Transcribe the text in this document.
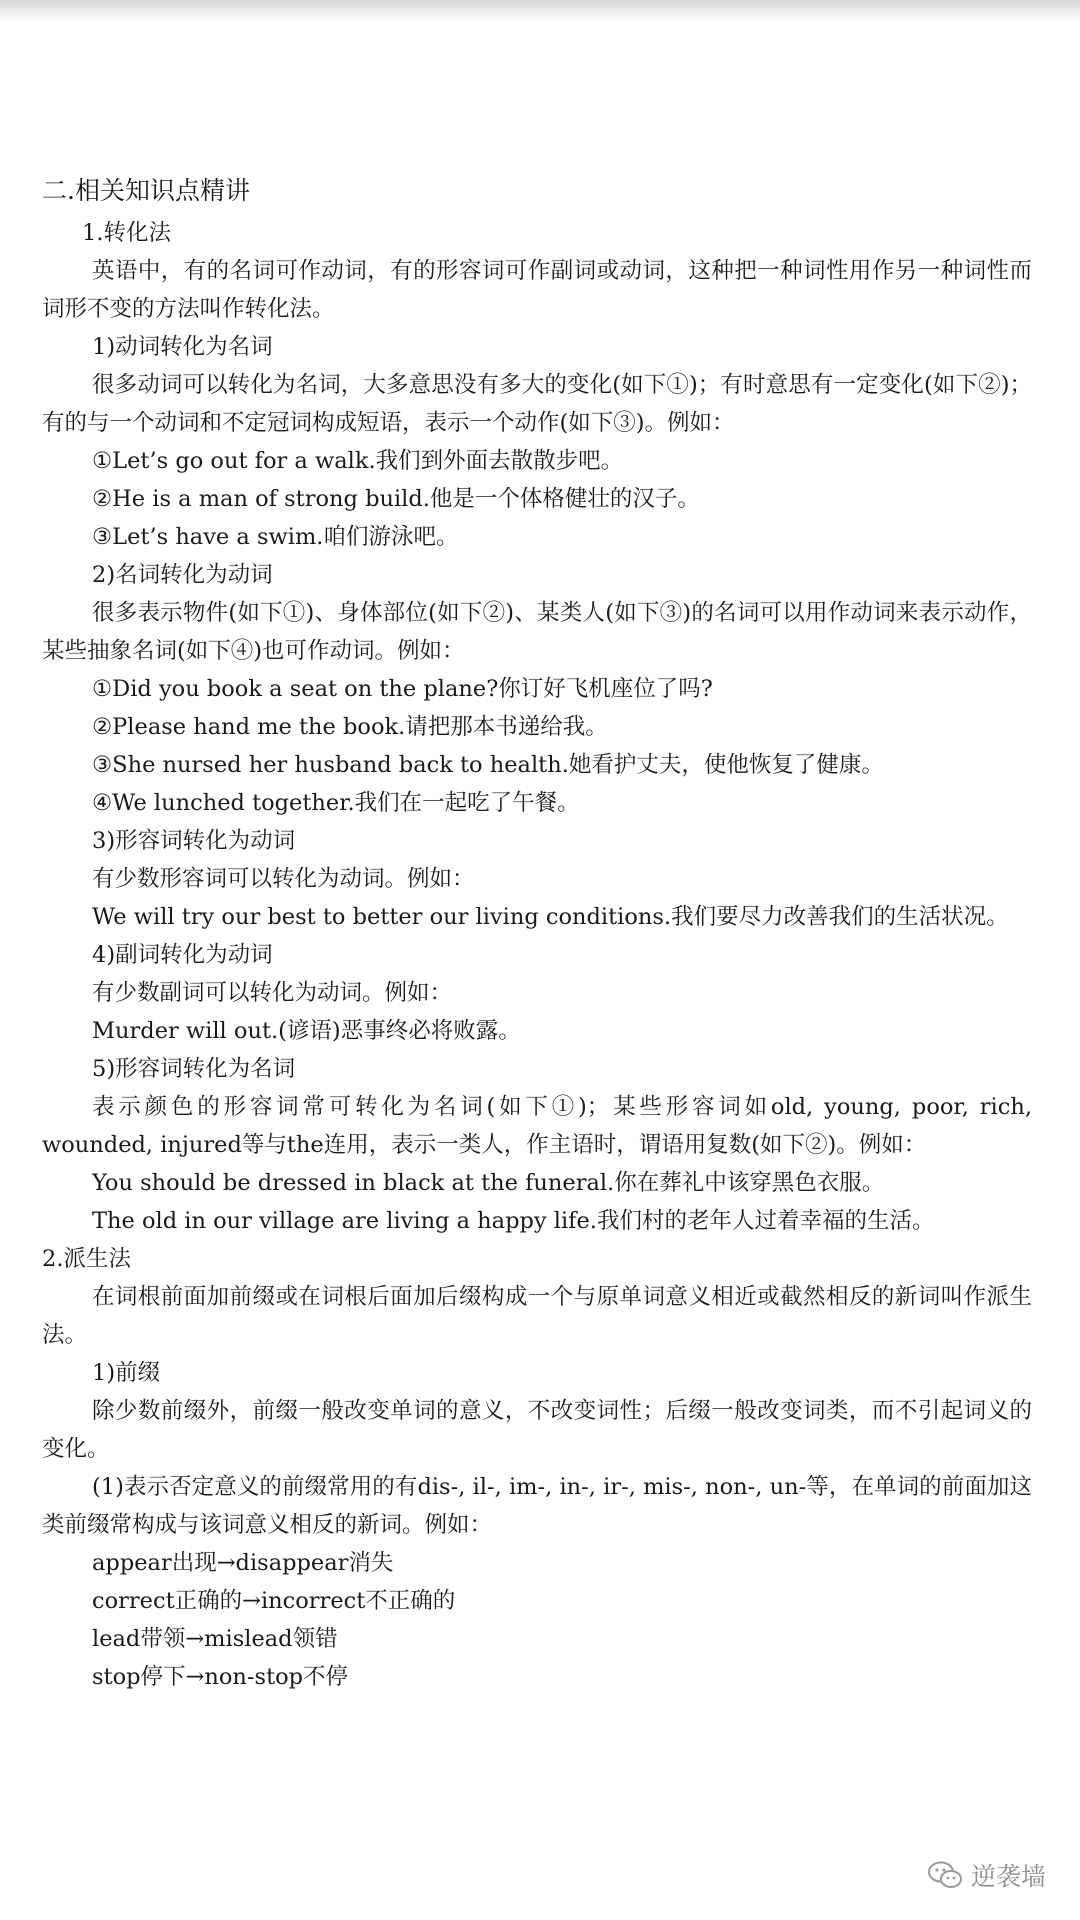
二.相关知识点精讲
1.转化法
英语中，有的名词可作动词，有的形容词可作副词或动词，这种把一种词性用作另一种词性而词形不变的方法叫作转化法。
1)动词转化为名词
很多动词可以转化为名词，大多意思没有多大的变化(如下①)；有时意思有一定变化(如下②)；有的与一个动词和不定冠词构成短语，表示一个动作(如下③)。例如：
①Let’s go out for a walk.我们到外面去散散步吧。
②He is a man of strong build.他是一个体格健壮的汉子。
③Let’s have a swim.咱们游泳吧。
2)名词转化为动词
很多表示物件(如下①)、身体部位(如下②)、某类人(如下③)的名词可以用作动词来表示动作，某些抽象名词(如下④)也可作动词。例如：
①Did you book a seat on the plane?你订好飞机座位了吗?
②Please hand me the book.请把那本书递给我。
③She nursed her husband back to health.她看护丈夫，使他恢复了健康。
④We lunched together.我们在一起吃了午餐。
3)形容词转化为动词
有少数形容词可以转化为动词。例如：
We will try our best to better our living conditions.我们要尽力改善我们的生活状况。
4)副词转化为动词
有少数副词可以转化为动词。例如：
Murder will out.(谚语)恶事终必将败露。
5)形容词转化为名词
表示颜色的形容词常可转化为名词(如下①)；某些形容词如old, young, poor, rich, wounded, injured等与the连用，表示一类人，作主语时，谓语用复数(如下②)。例如：
You should be dressed in black at the funeral.你在葬礼中该穿黑色衣服。
The old in our village are living a happy life.我们村的老年人过着幸福的生活。
2.派生法
在词根前面加前缀或在词根后面加后缀构成一个与原单词意义相近或截然相反的新词叫作派生法。
1)前缀
除少数前缀外，前缀一般改变单词的意义，不改变词性；后缀一般改变词类，而不引起词义的变化。
(1)表示否定意义的前缀常用的有dis-, il-, im-, in-, ir-, mis-, non-, un-等，在单词的前面加这类前缀常构成与该词意义相反的新词。例如：
appear出现→disappear消失
correct正确的→incorrect不正确的
lead带领→mislead领错
stop停下→non-stop不停
逆袭墙
